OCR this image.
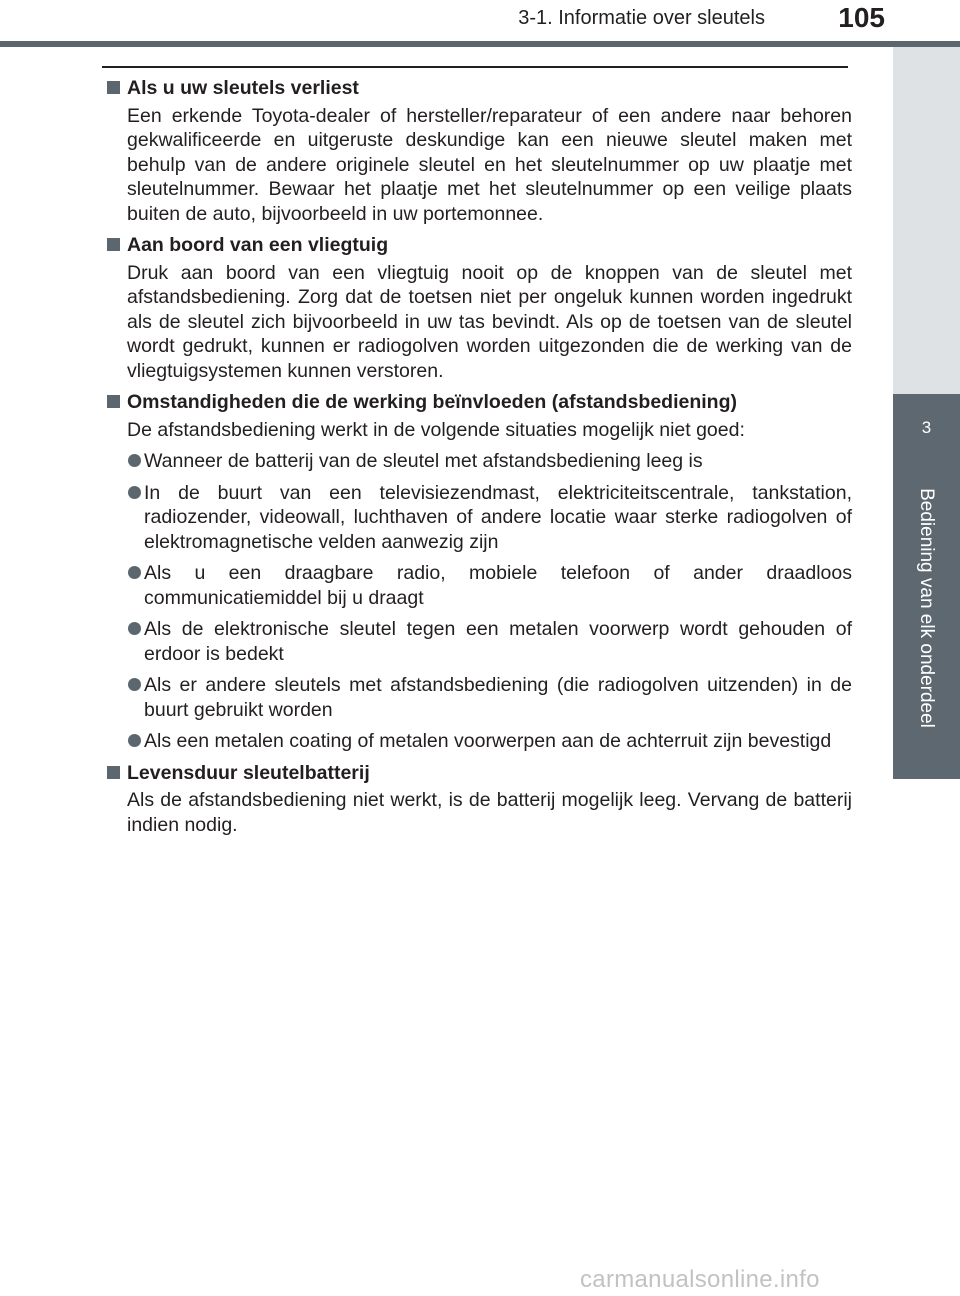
3-1. Informatie over sleutels	105
3
Bediening van elk onderdeel
Als u uw sleutels verliest
Een erkende Toyota-dealer of hersteller/reparateur of een andere naar behoren gekwalificeerde en uitgeruste deskundige kan een nieuwe sleutel maken met behulp van de andere originele sleutel en het sleutelnummer op uw plaatje met sleutelnummer. Bewaar het plaatje met het sleutelnummer op een veilige plaats buiten de auto, bijvoorbeeld in uw portemonnee.
Aan boord van een vliegtuig
Druk aan boord van een vliegtuig nooit op de knoppen van de sleutel met afstandsbediening. Zorg dat de toetsen niet per ongeluk kunnen worden ingedrukt als de sleutel zich bijvoorbeeld in uw tas bevindt. Als op de toetsen van de sleutel wordt gedrukt, kunnen er radiogolven worden uitgezonden die de werking van de vliegtuigsystemen kunnen verstoren.
Omstandigheden die de werking beïnvloeden (afstandsbediening)
De afstandsbediening werkt in de volgende situaties mogelijk niet goed:
Wanneer de batterij van de sleutel met afstandsbediening leeg is
In de buurt van een televisiezendmast, elektriciteitscentrale, tankstation, radiozender, videowall, luchthaven of andere locatie waar sterke radiogolven of elektromagnetische velden aanwezig zijn
Als u een draagbare radio, mobiele telefoon of ander draadloos communicatiemiddel bij u draagt
Als de elektronische sleutel tegen een metalen voorwerp wordt gehouden of erdoor is bedekt
Als er andere sleutels met afstandsbediening (die radiogolven uitzenden) in de buurt gebruikt worden
Als een metalen coating of metalen voorwerpen aan de achterruit zijn bevestigd
Levensduur sleutelbatterij
Als de afstandsbediening niet werkt, is de batterij mogelijk leeg. Vervang de batterij indien nodig.
carmanualsonline.info
